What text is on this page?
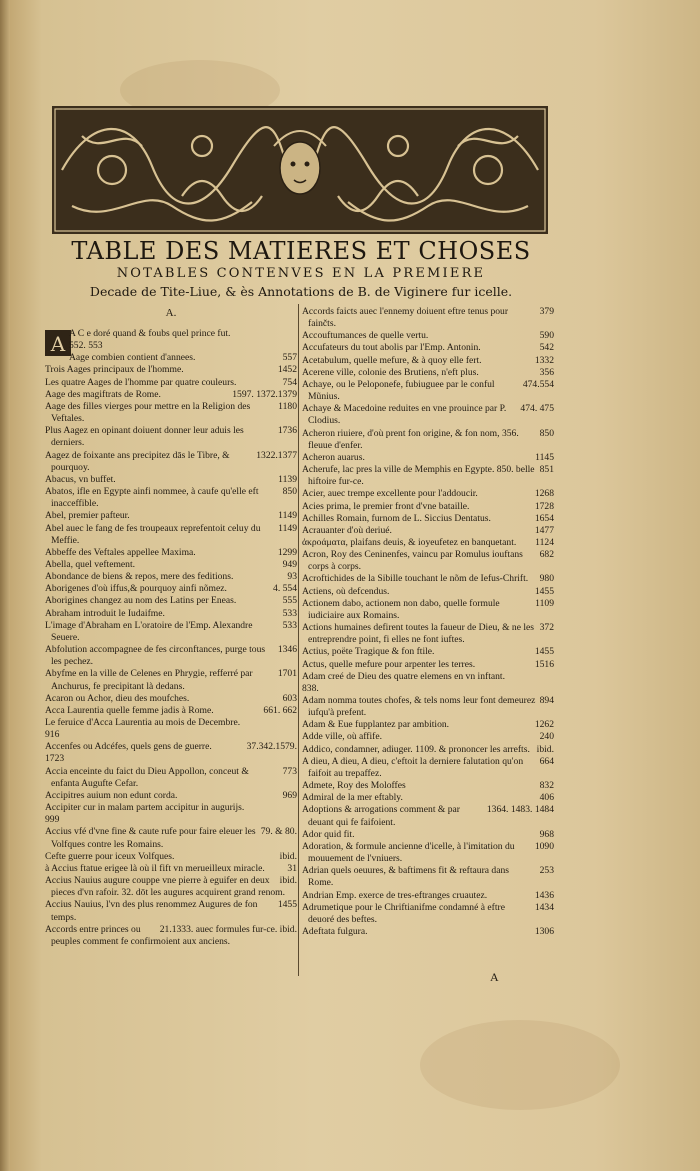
TABLE DES MATIERES ET CHOSES
NOTABLES CONTENVES EN LA PREMIERE
Decade de Tite-Liue, & ès Annotations de B. de Viginere fur icelle.
A.
A A C e doré quand & foubs quel prince fut.
552. 553
557
Aage combien contient d'annees.
1452
Trois Aages principaux de l'homme.
754
Les quatre Aages de l'homme par quatre couleurs.
1597. 1372.1379
Aage des magiftrats de Rome.
1180
Aage des filles vierges pour mettre en la Religion des Veftales.
1736
Plus Aagez en opinant doiuent donner leur aduis les derniers.
1322.1377
Aagez de foixante ans precipitez dās le Tibre, & pourquoy.
1139
Abacus, vn buffet.
850
Abatos, ifle en Egypte ainfi nommee, à caufe qu'elle eft inacceffible.
1149
Abel, premier pafteur.
1149
Abel auec le fang de fes troupeaux reprefentoit celuy du Meffie.
1299
Abbeffe des Veftales appellee Maxima.
949
Abella, quel veftement.
93
Abondance de biens & repos, mere des feditions.
4. 554
Aborigenes d'où iffus,& pourquoy ainfi nõmez.
555
Aborigines changez au nom des Latins per Eneas.
533
Abraham introduit le Iudaifme.
533
L'image d'Abraham en L'oratoire de l'Emp. Alexandre Seuere.
1346
Abfolution accompagnee de fes circonftances, purge tous les pechez.
1701
Abyfme en la ville de Celenes en Phrygie, refferré par Anchurus, fe precipitant là dedans.
603
Acaron ou Achor, dieu des moufches.
661. 662
Acca Laurentia quelle femme jadis à Rome.
Le feruice d'Acca Laurentia au mois de Decembre.
916
37.342.1579.
Accenfes ou Adcéfes, quels gens de guerre.
1723
773
Accia enceinte du faict du Dieu Appollon, conceut & enfanta Augufte Cefar.
969
Accipitres auium non edunt corda.
Accipiter cur in malam partem accipitur in augurijs.
999
79. & 80.
Accius vfé d'vne fine & caute rufe pour faire eleuer les Volfques contre les Romains.
ibid.
Cefte guerre pour iceux Volfques.
31
à Accius ftatue erigee là où il fift vn merueilleux miracle.
ibid.
Accius Nauius augure couppe vne pierre à eguifer en deux pieces d'vn rafoir. 32. dōt les augures acquirent grand renom.
1455
Accius Nauius, l'vn des plus renommez Augures de fon temps.
21.1333. auec formules fur-ce. ibid.
Accords entre princes ou peuples comment fe confirmoient aux anciens.
379
Accords faicts auec l'ennemy doiuent eftre tenus pour fainčts.
590
Accouftumances de quelle vertu.
542
Accufateurs du tout abolis par l'Emp. Antonin.
1332
Acetabulum, quelle mefure, & à quoy elle fert.
356
Acerene ville, colonie des Brutiens, n'eft plus.
474.554
Achaye, ou le Peloponefe, fubiuguee par le conful Mũnius.
474. 475
Achaye & Macedoine reduites en vne prouince par P. Clodius.
850
Acheron riuiere, d'où prent fon origine, & fon nom, 356. fleuue d'enfer.
1145
Acheron auarus.
851
Acherufe, lac pres la ville de Memphis en Egypte. 850. belle hiftoire fur-ce.
1268
Acier, auec trempe excellente pour l'addoucir.
1728
Acies prima, le premier front d'vne bataille.
1654
Achilles Romain, furnom de L. Siccius Dentatus.
1477
Acrauanter d'où deriué.
1124
ἀκροάματα, plaifans deuis, & ioyeufetez en banquetant.
682
Acron, Roy des Ceninenfes, vaincu par Romulus iouftans corps à corps.
980
Acroftichides de la Sibille touchant le nõm de Iefus-Chrift.
1455
Actiens, où defcendus.
1109
Actionem dabo, actionem non dabo, quelle formule iudiciaire aux Romains.
372
Actions humaines defirent toutes la faueur de Dieu, & ne les entreprendre point, fi elles ne font iuftes.
1455
Actius, poëte Tragique & fon ftile.
1516
Actus, quelle mefure pour arpenter les terres.
Adam creé de Dieu des quatre elemens en vn inftant.
838.
894
Adam nomma toutes chofes, & tels noms leur font demeurez iufqu'à prefent.
1262
Adam & Eue fupplantez par ambition.
240
Adde ville, où affife.
ibid.
Addico, condamner, adiuger. 1109. & prononcer les arrefts.
664
A dieu, A dieu, A dieu, c'eftoit la derniere falutation qu'on faifoit au trepaffez.
832
Admete, Roy des Moloffes
406
Admiral de la mer eftably.
1364. 1483. 1484
Adoptions & arrogations comment & par deuant qui fe faifoient.
968
Ador quid fit.
1090
Adoration, & formule ancienne d'icelle, à l'imitation du mouuement de l'vniuers.
253
Adrian quels oeuures, & baftimens fit & reftaura dans Rome.
1436
Andrian Emp. exerce de tres-eftranges cruautez.
1434
Adrumetique pour le Chriftianifme condamné à eftre deuoré des beftes.
1306
Adeftata fulgura.
A
